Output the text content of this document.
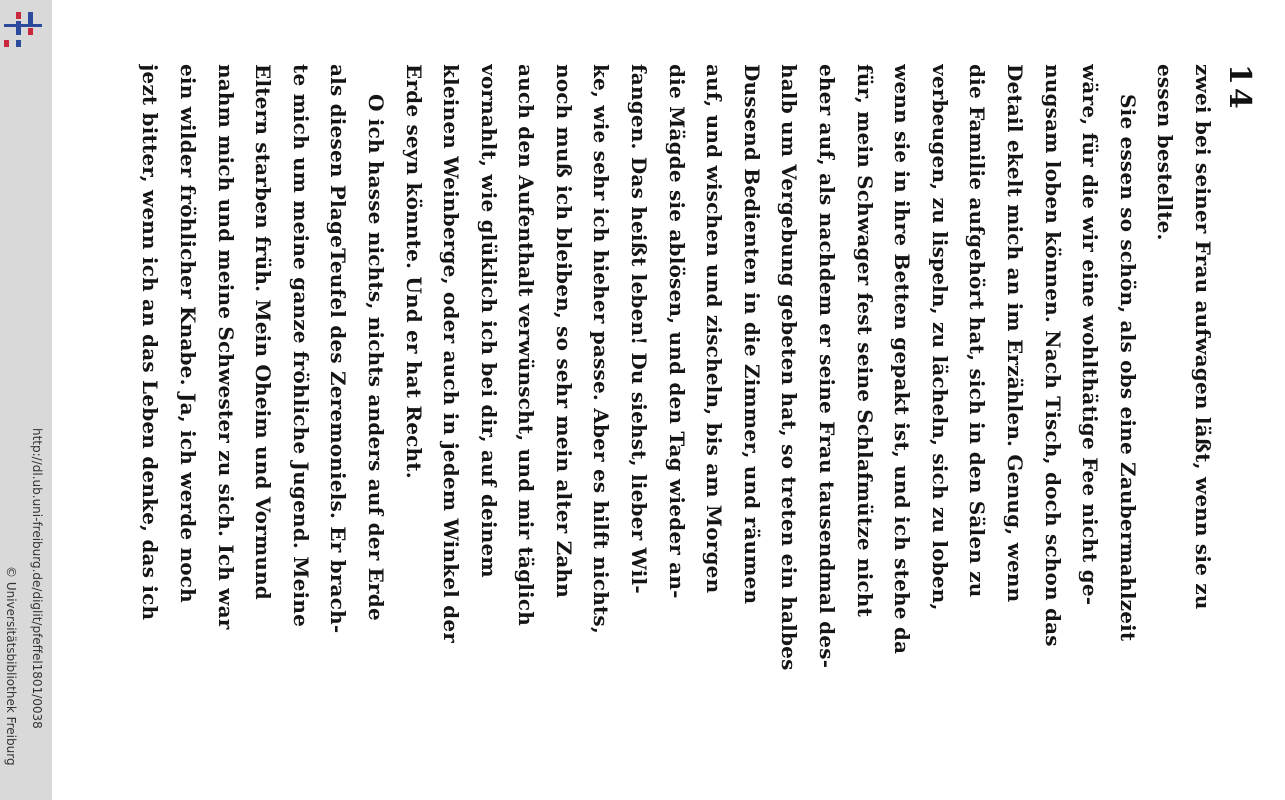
http://dl.ub.uni-freiburg.de/diglit/pfeffel1801/0038
© Universitätsbibliothek Freiburg
14
zwei bei seiner Frau aufwagen läßt, wenn sie zu
essen bestellte.
Sie essen so schön, als obs eine Zaubermahlzeit
wäre, für die wir eine wohlthätige Fee nicht ge-
nugsam loben können. Nach Tisch, doch schon das
Detail ekelt mich an im Erzählen. Genug, wenn
die Familie aufgehört hat, sich in den Sälen zu
verbeugen, zu lispeln, zu lächeln, sich zu loben,
wenn sie in ihre Betten gepakt ist, und ich stehe da
für, mein Schwager fest seine Schlafmütze nicht
eher auf, als nachdem er seine Frau tausendmal des-
halb um Vergebung gebeten hat, so treten ein halbes
Dussend Bedienten in die Zimmer, und räumen
auf, und wischen und zischeln, bis am Morgen
die Mägde sie ablösen, und den Tag wieder an-
fangen. Das heißt leben! Du siehst, lieber Wil-
ke, wie sehr ich hieher passe. Aber es hilft nichts,
noch muß ich bleiben, so sehr mein alter Zahn
auch den Aufenthalt verwünscht, und mir täglich
vornahlt, wie glüklich ich bei dir, auf deinem
kleinen Weinberge, oder auch in jedem Winkel der
Erde seyn könnte. Und er hat Recht.
O ich hasse nichts, nichts anders auf der Erde
als diesen PlageTeufel des Zeremoniels. Er brach-
te mich um meine ganze fröhliche Jugend. Meine
Eltern starben früh. Mein Oheim und Vormund
nahm mich und meine Schwester zu sich. Ich war
ein wilder fröhlicher Knabe. Ja, ich werde noch
jezt bitter, wenn ich an das Leben denke, das ich
